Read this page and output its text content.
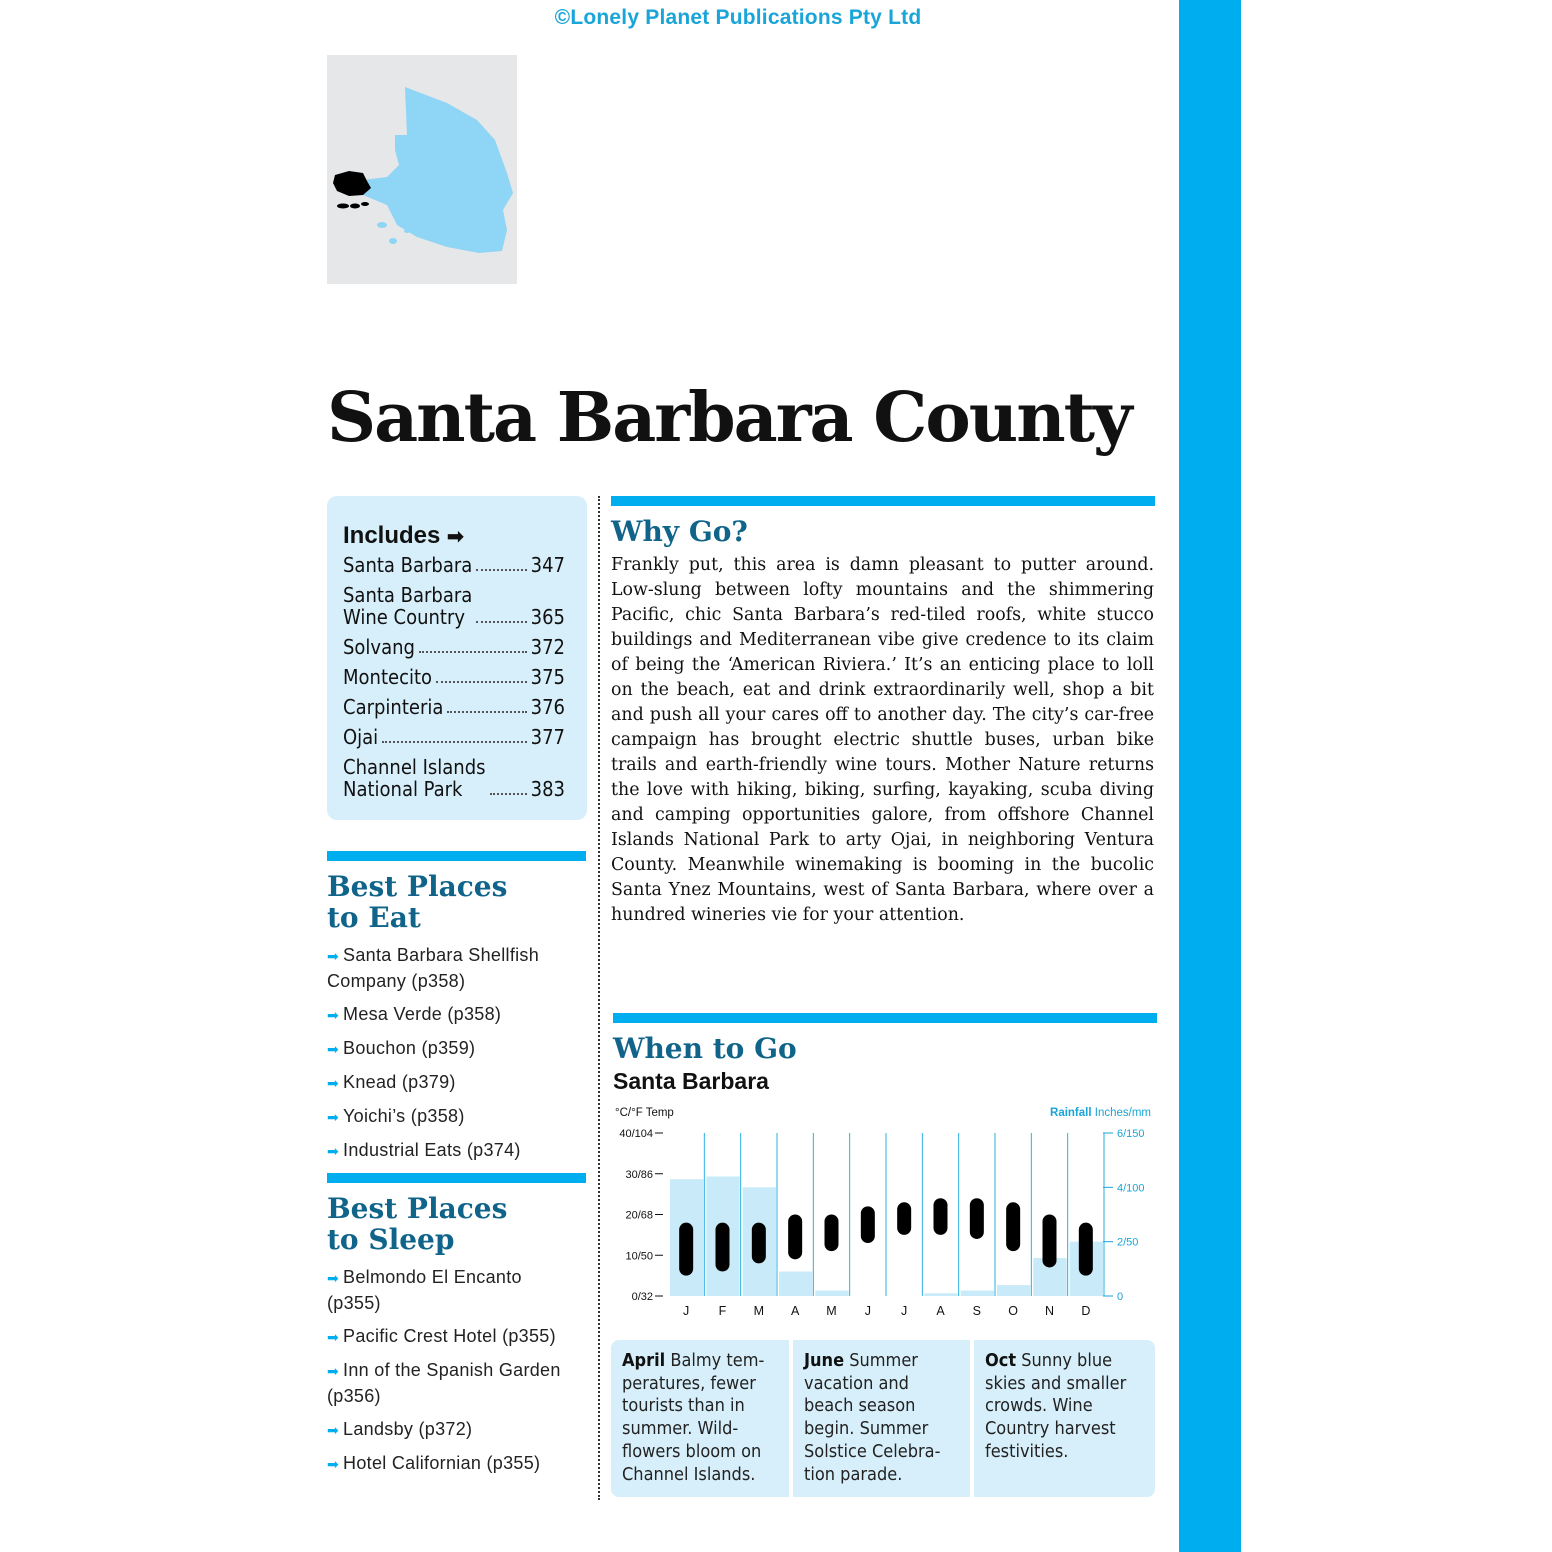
©Lonely Planet Publications Pty Ltd
Santa Barbara County
Includes ➡
Santa Barbara	347
Santa Barbara
Wine Country	365
Solvang	372
Montecito	375
Carpinteria	376
Ojai	377
Channel Islands
National Park	383
Best Places
to Eat
➡ Santa Barbara Shellfish Company (p358)
➡ Mesa Verde (p358)
➡ Bouchon (p359)
➡ Knead (p379)
➡ Yoichi’s (p358)
➡ Industrial Eats (p374)
Best Places
to Sleep
➡ Belmondo El Encanto (p355)
➡ Pacific Crest Hotel (p355)
➡ Inn of the Spanish Garden (p356)
➡ Landsby (p372)
➡ Hotel Californian (p355)
Why Go?

Frankly put, this area is damn pleasant to putter around. Low-slung between lofty mountains and the shimmering Pacific, chic Santa Barbara’s red-tiled roofs, white stucco buildings and Mediterranean vibe give credence to its claim of being the ‘American Riviera.’ It’s an enticing place to loll on the beach, eat and drink extraordinarily well, shop a bit and push all your cares off to another day. The city’s car-free campaign has brought electric shuttle buses, urban bike trails and earth-friendly wine tours. Mother Nature returns the love with hiking, biking, surfing, kayaking, scuba diving and camping opportunities galore, from offshore Channel Islands National Park to arty Ojai, in neighboring Ventura County. Meanwhile winemaking is booming in the bucolic Santa Ynez Mountains, west of Santa Barbara, where over a hundred wineries vie for your attention.

When to Go
Santa Barbara
°C/°F Temp	Rainfall Inches/mm
40/104
30/86
20/68
10/50
0/32
6/150
4/100
2/50
0
J F M A M J J A S O N D
April Balmy tem-
peratures, fewer
tourists than in
summer. Wild-
flowers bloom on
Channel Islands.
June Summer
vacation and
beach season
begin. Summer
Solstice Celebra-
tion parade.
Oct Sunny blue
skies and smaller
crowds. Wine
Country harvest
festivities.
